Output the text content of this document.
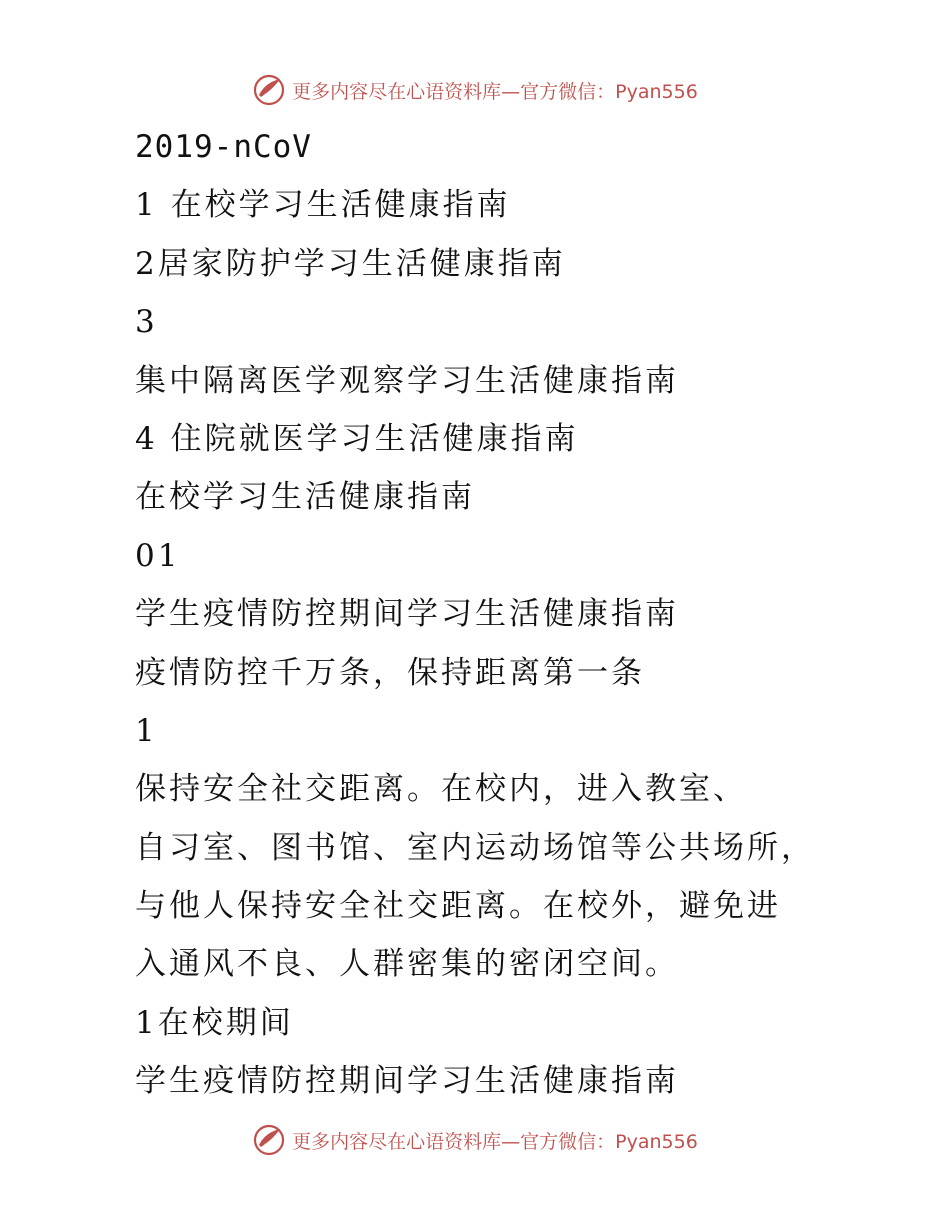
更多内容尽在心语资料库—官方微信：Pyan556
2019-nCoV
1 在校学习生活健康指南
2居家防护学习生活健康指南
3
集中隔离医学观察学习生活健康指南
4 住院就医学习生活健康指南
在校学习生活健康指南
01
学生疫情防控期间学习生活健康指南
疫情防控千万条，保持距离第一条
1
保持安全社交距离。在校内，进入教室、
自习室、图书馆、室内运动场馆等公共场所，
与他人保持安全社交距离。在校外，避免进
入通风不良、人群密集的密闭空间。
1在校期间
学生疫情防控期间学习生活健康指南
更多内容尽在心语资料库—官方微信：Pyan556
